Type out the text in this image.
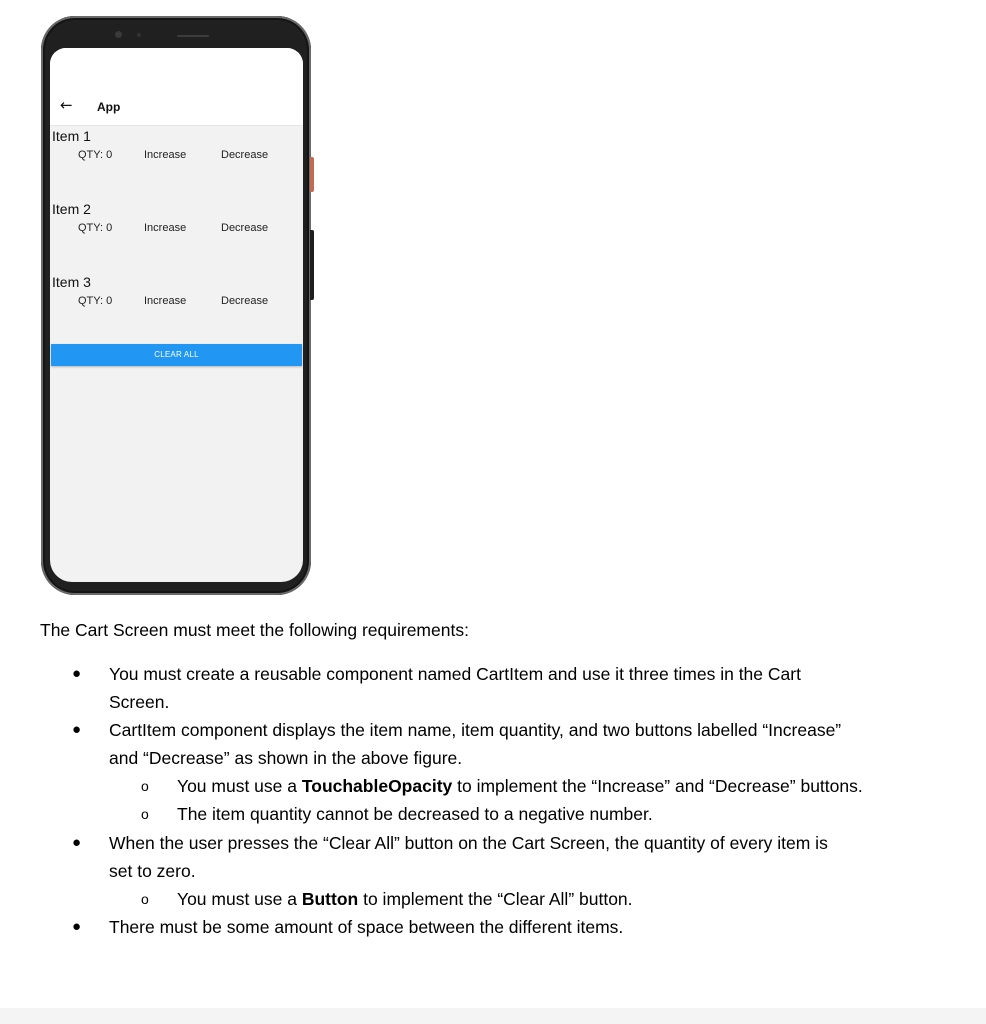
← App
Item 1
QTY: 0	Increase	Decrease
Item 2
QTY: 0	Increase	Decrease
Item 3
QTY: 0	Increase	Decrease
CLEAR ALL
The Cart Screen must meet the following requirements:
● You must create a reusable component named CartItem and use it three times in the Cart
Screen.
● CartItem component displays the item name, item quantity, and two buttons labelled “Increase”
and “Decrease” as shown in the above figure.
o You must use a TouchableOpacity to implement the “Increase” and “Decrease” buttons.
o The item quantity cannot be decreased to a negative number.
● When the user presses the “Clear All” button on the Cart Screen, the quantity of every item is
set to zero.
o You must use a Button to implement the “Clear All” button.
● There must be some amount of space between the different items.
